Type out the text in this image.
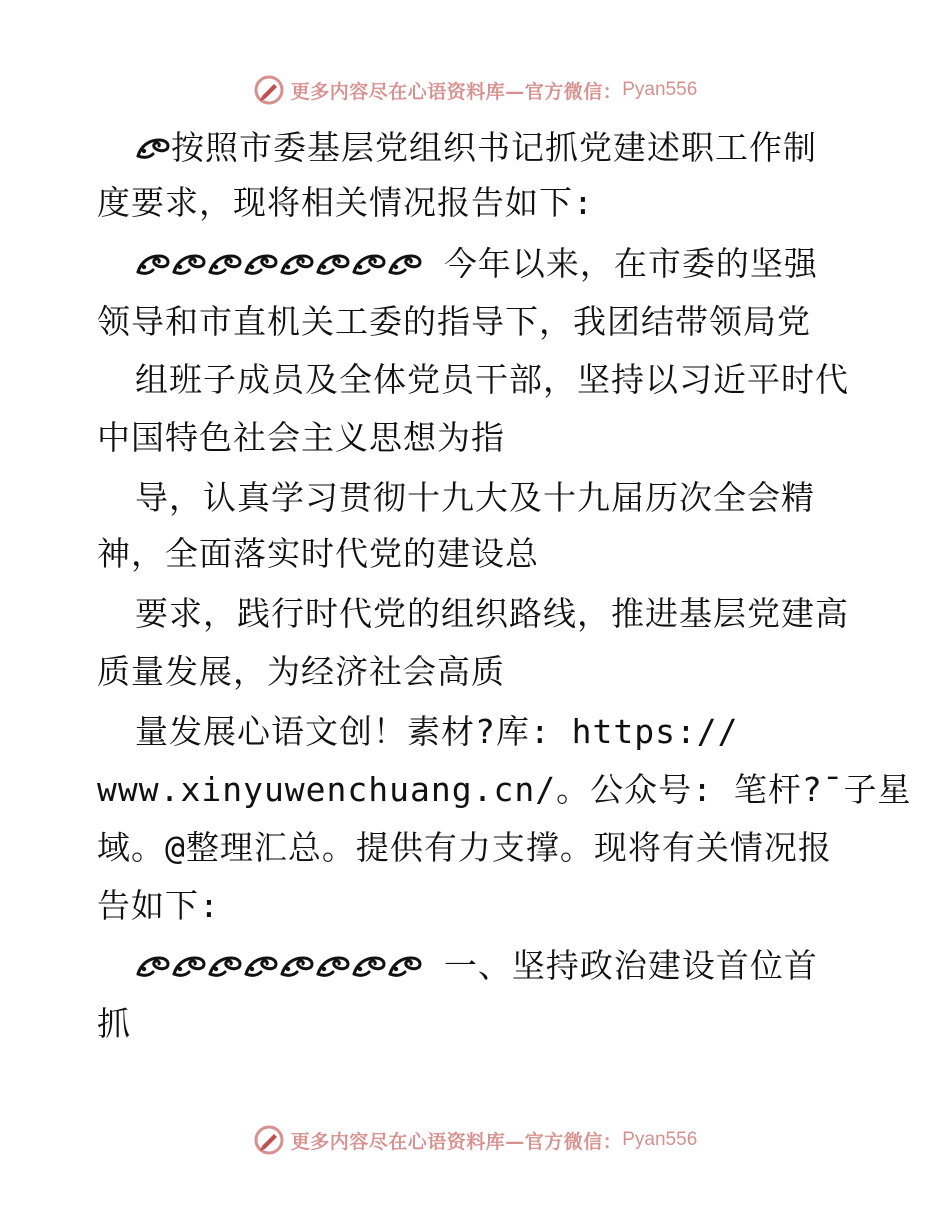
更多内容尽在心语资料库—官方微信： Pyan556
按照市委基层党组织书记抓党建述职工作制
度要求，现将相关情况报告如下:
今年以来，在市委的坚强
领导和市直机关工委的指导下，我团结带领局党
组班子成员及全体党员干部，坚持以习近平时代
中国特色社会主义思想为指
导，认真学习贯彻十九大及十九届历次全会精
神，全面落实时代党的建设总
要求，践行时代党的组织路线，推进基层党建高
质量发展，为经济社会高质
量发展心语文创！素材?库: https://
www.xinyuwenchuang.cn/。公众号: 笔杆?¯子星
域。@整理汇总。提供有力支撑。现将有关情况报
告如下:
一、坚持政治建设首位首
抓
更多内容尽在心语资料库—官方微信： Pyan556
